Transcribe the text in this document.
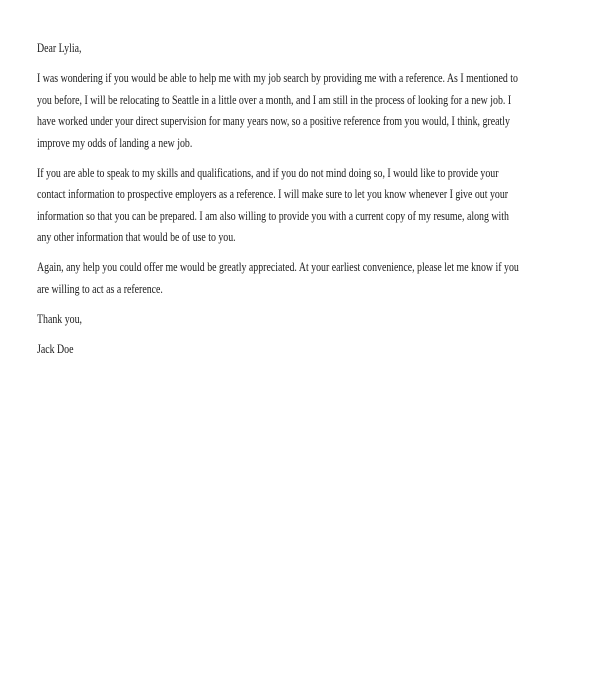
Dear Lylia,

I was wondering if you would be able to help me with my job search by providing me with a reference. As I mentioned to
you before, I will be relocating to Seattle in a little over a month, and I am still in the process of looking for a new job. I
have worked under your direct supervision for many years now, so a positive reference from you would, I think, greatly
improve my odds of landing a new job.

If you are able to speak to my skills and qualifications, and if you do not mind doing so, I would like to provide your
contact information to prospective employers as a reference. I will make sure to let you know whenever I give out your
information so that you can be prepared. I am also willing to provide you with a current copy of my resume, along with
any other information that would be of use to you.

Again, any help you could offer me would be greatly appreciated. At your earliest convenience, please let me know if you
are willing to act as a reference.

Thank you,

Jack Doe
